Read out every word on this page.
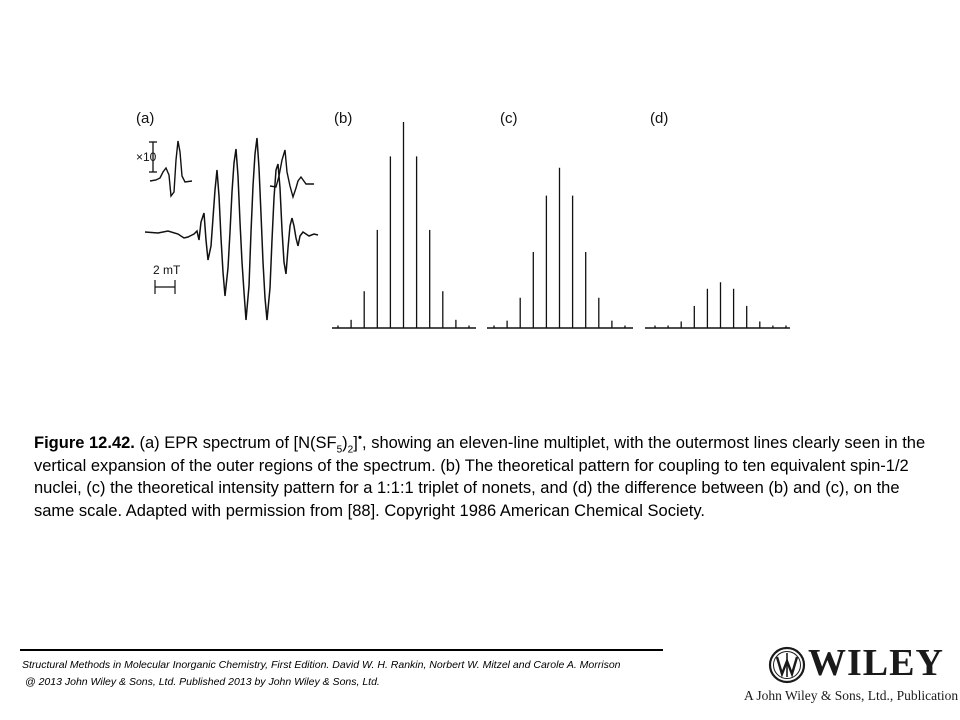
(a)	(b)	(c)	(d)
×10
2 mT
Figure 12.42. (a) EPR spectrum of $[N(SF_5)_2]^•$, showing an eleven-line multiplet, with the outermost lines clearly seen in the vertical expansion of the outer regions of the spectrum. (b) The theoretical pattern for coupling to ten equivalent spin-1/2 nuclei, (c) the theoretical intensity pattern for a 1:1:1 triplet of nonets, and (d) the difference between (b) and (c), on the same scale. Adapted with permission from [88]. Copyright 1986 American Chemical Society.
Structural Methods in Molecular Inorganic Chemistry, First Edition. David W. H. Rankin, Norbert W. Mitzel and Carole A. Morrison
@ 2013 John Wiley & Sons, Ltd. Published 2013 by John Wiley & Sons, Ltd.	WILEY
A John Wiley & Sons, Ltd., Publication
